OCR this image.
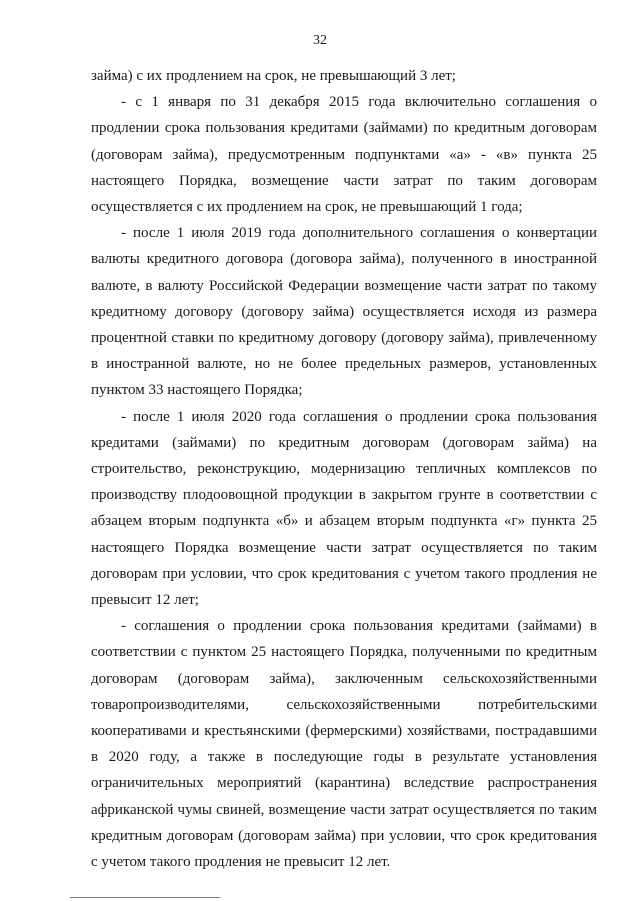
32

займа) с их продлением на срок, не превышающий 3 лет;

- с 1 января по 31 декабря 2015 года включительно соглашения о продлении срока пользования кредитами (займами) по кредитным договорам (договорам займа), предусмотренным подпунктами «а» - «в» пункта 25 настоящего Порядка, возмещение части затрат по таким договорам осуществляется с их продлением на срок, не превышающий 1 года;

- после 1 июля 2019 года дополнительного соглашения о конвертации валюты кредитного договора (договора займа), полученного в иностранной валюте, в валюту Российской Федерации возмещение части затрат по такому кредитному договору (договору займа) осуществляется исходя из размера процентной ставки по кредитному договору (договору займа), привлеченному в иностранной валюте, но не более предельных размеров, установленных пунктом 33 настоящего Порядка;

- после 1 июля 2020 года соглашения о продлении срока пользования кредитами (займами) по кредитным договорам (договорам займа) на строительство, реконструкцию, модернизацию тепличных комплексов по производству плодоовощной продукции в закрытом грунте в соответствии с абзацем вторым подпункта «б» и абзацем вторым подпункта «г» пункта 25 настоящего Порядка возмещение части затрат осуществляется по таким договорам при условии, что срок кредитования с учетом такого продления не превысит 12 лет;

- соглашения о продлении срока пользования кредитами (займами) в соответствии с пунктом 25 настоящего Порядка, полученными по кредитным договорам (договорам займа), заключенным сельскохозяйственными товаропроизводителями, сельскохозяйственными потребительскими кооперативами и крестьянскими (фермерскими) хозяйствами, пострадавшими в 2020 году, а также в последующие годы в результате установления ограничительных мероприятий (карантина) вследствие распространения африканской чумы свиней, возмещение части затрат осуществляется по таким кредитным договорам (договорам займа) при условии, что срок кредитования с учетом такого продления не превысит 12 лет.
